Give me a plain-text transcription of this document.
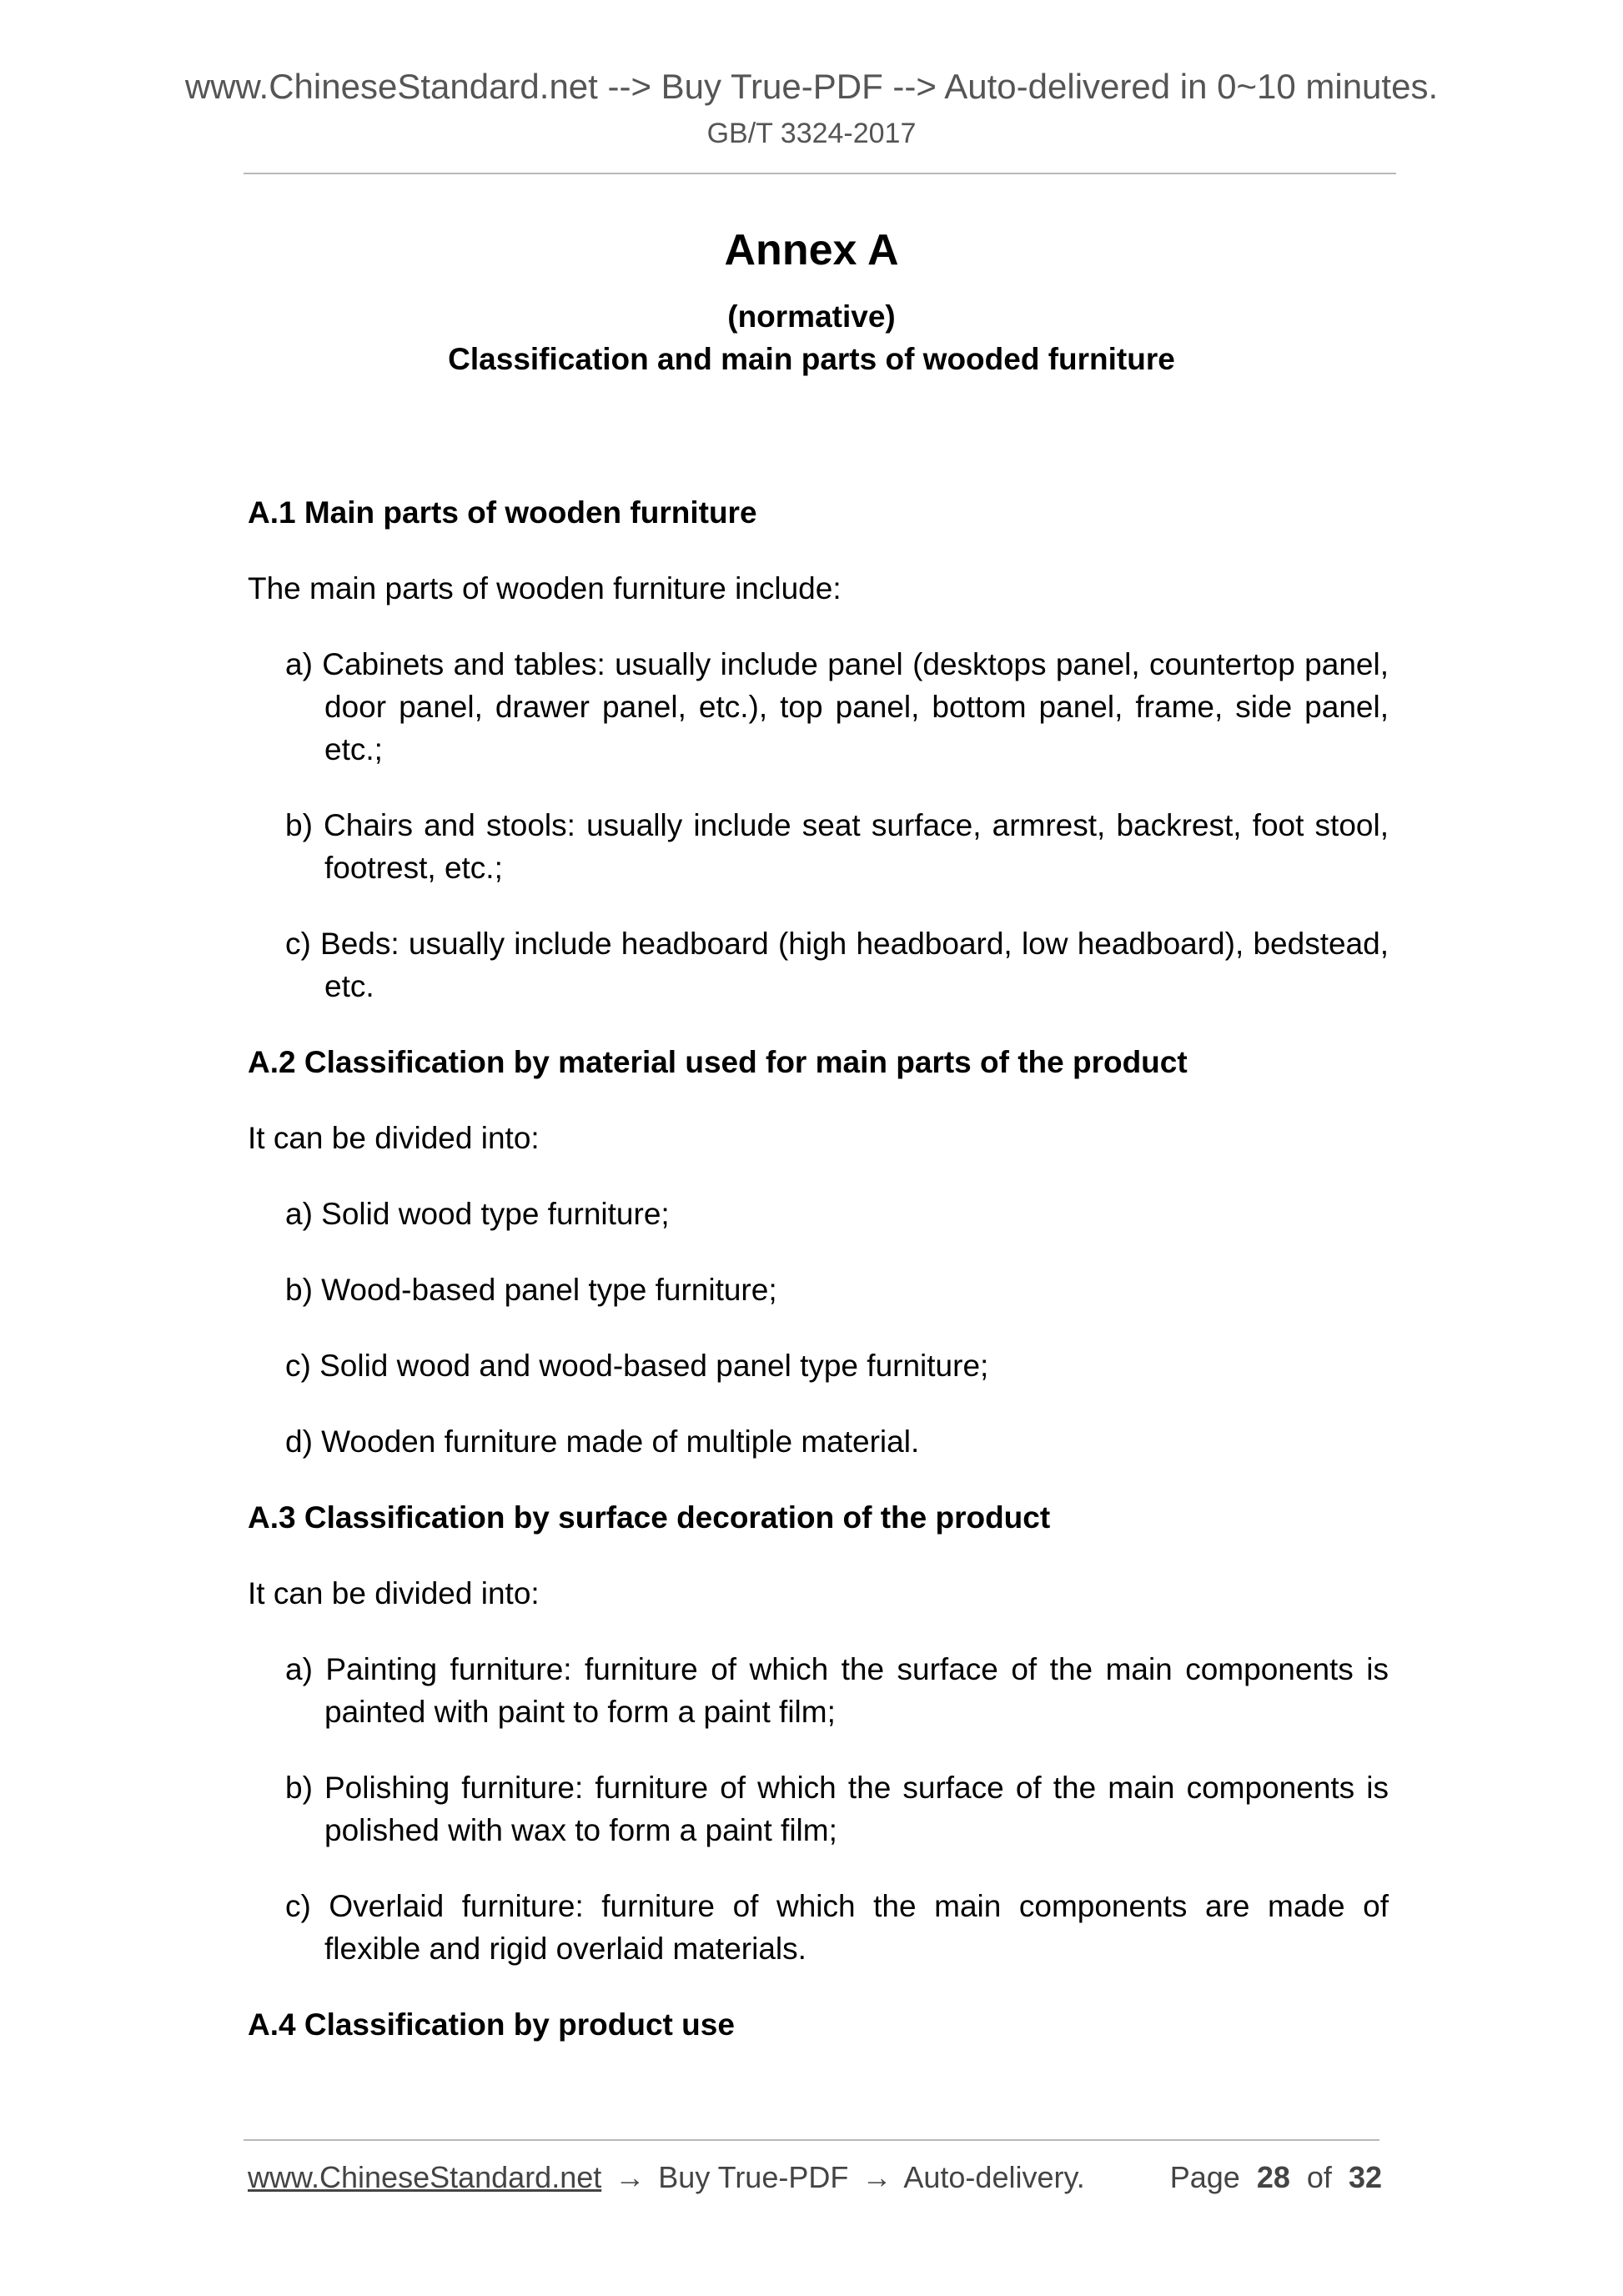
www.ChineseStandard.net --> Buy True-PDF --> Auto-delivered in 0~10 minutes.
GB/T 3324-2017
Annex A
(normative)
Classification and main parts of wooded furniture
A.1 Main parts of wooden furniture
The main parts of wooden furniture include:
a) Cabinets and tables: usually include panel (desktops panel, countertop panel, door panel, drawer panel, etc.), top panel, bottom panel, frame, side panel, etc.;
b) Chairs and stools: usually include seat surface, armrest, backrest, foot stool, footrest, etc.;
c) Beds: usually include headboard (high headboard, low headboard), bedstead, etc.
A.2 Classification by material used for main parts of the product
It can be divided into:
a) Solid wood type furniture;
b) Wood-based panel type furniture;
c) Solid wood and wood-based panel type furniture;
d) Wooden furniture made of multiple material.
A.3 Classification by surface decoration of the product
It can be divided into:
a) Painting furniture: furniture of which the surface of the main components is painted with paint to form a paint film;
b) Polishing furniture: furniture of which the surface of the main components is polished with wax to form a paint film;
c) Overlaid furniture: furniture of which the main components are made of flexible and rigid overlaid materials.
A.4 Classification by product use
www.ChineseStandard.net → Buy True-PDF → Auto-delivery.	Page 28 of 32
